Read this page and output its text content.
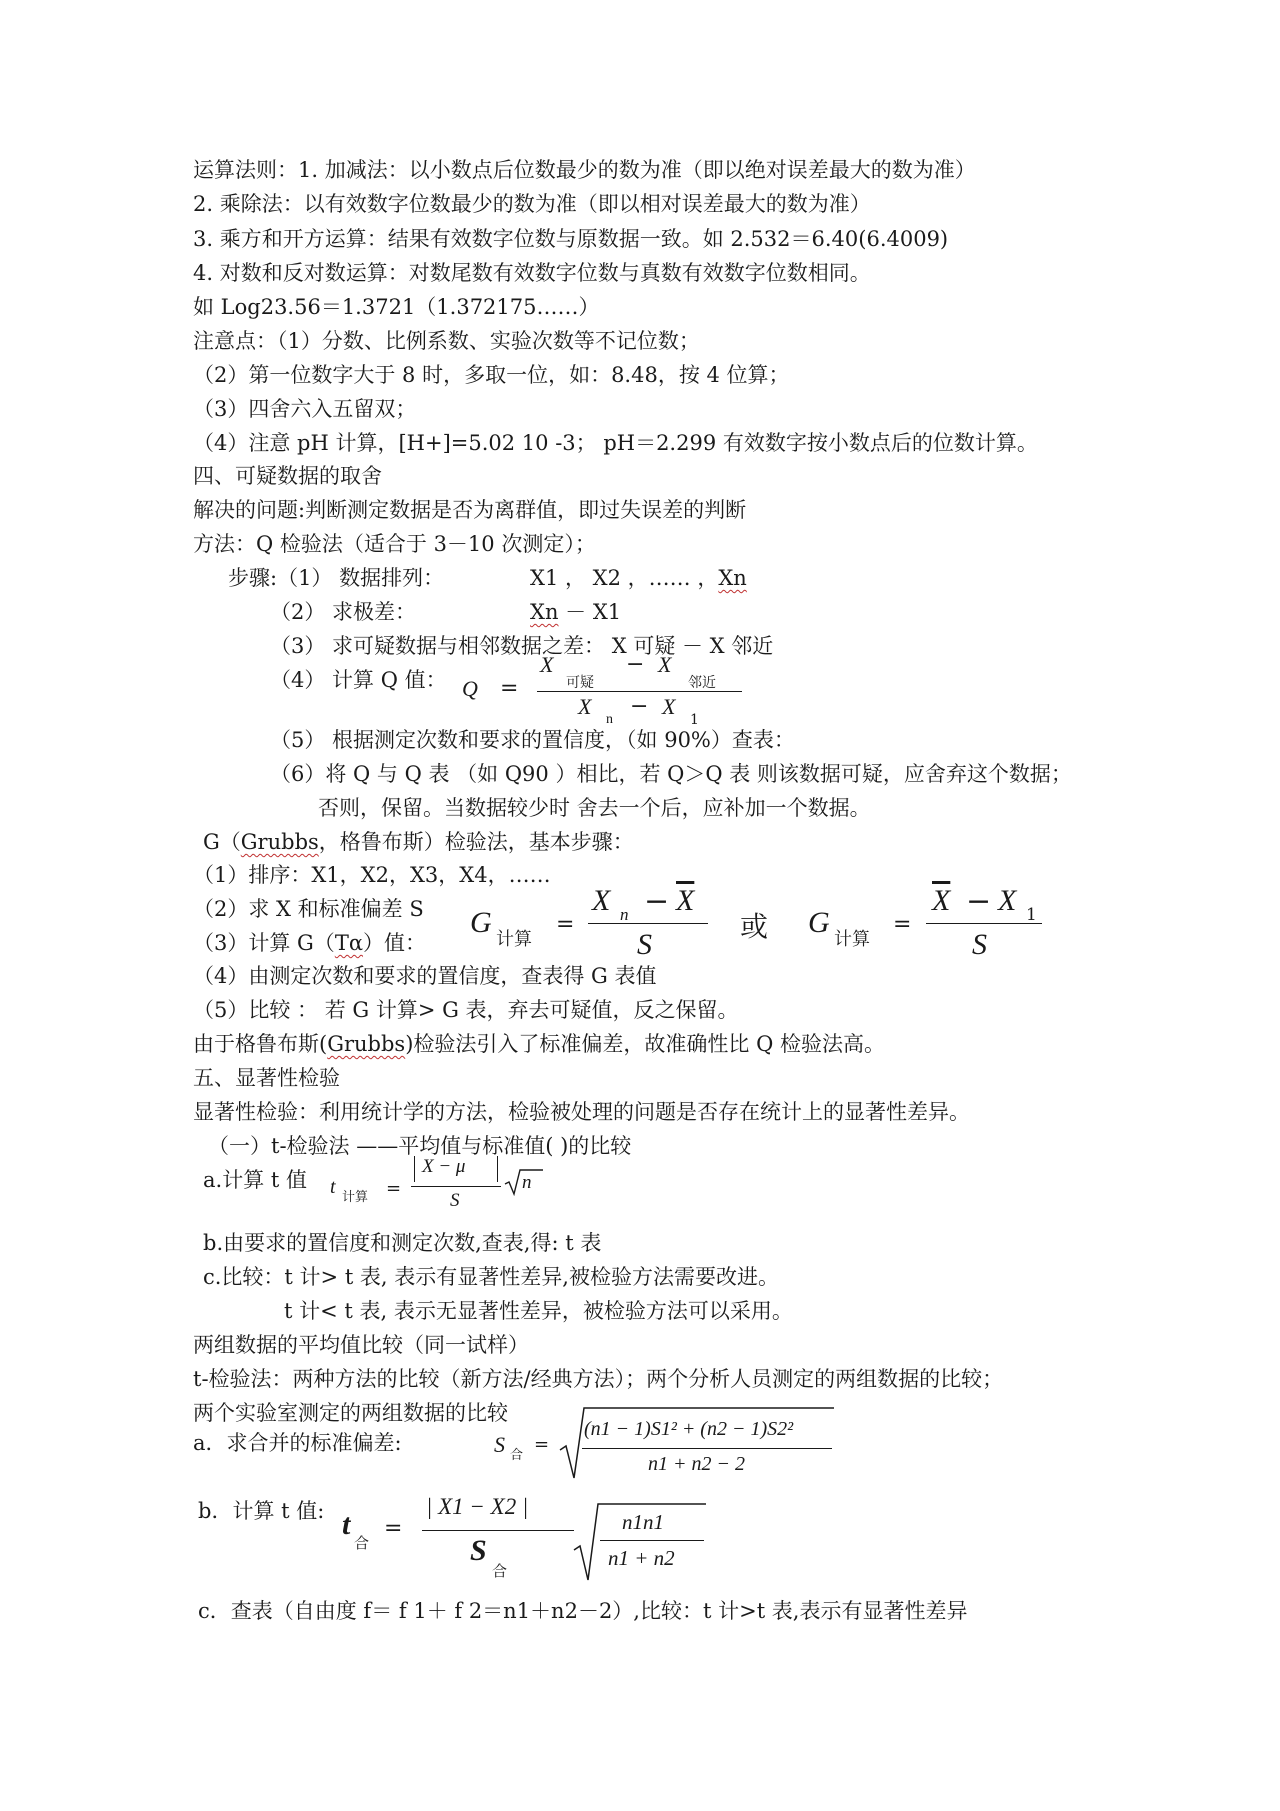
运算法则：1. 加减法：以小数点后位数最少的数为准（即以绝对误差最大的数为准）
2. 乘除法：以有效数字位数最少的数为准（即以相对误差最大的数为准）
3. 乘方和开方运算：结果有效数字位数与原数据一致。如 2.532＝6.40(6.4009)
4. 对数和反对数运算：对数尾数有效数字位数与真数有效数字位数相同。
如 Log23.56＝1.3721（1.372175……）
注意点：（1）分数、比例系数、实验次数等不记位数；
（2）第一位数字大于 8 时，多取一位，如：8.48，按 4 位算；
（3）四舍六入五留双；
（4）注意 pH 计算，[H+]=5.02 10 -3； pH＝2.299 有效数字按小数点后的位数计算。
四、可疑数据的取舍
解决的问题:判断测定数据是否为离群值，即过失误差的判断
方法：Q 检验法（适合于 3－10 次测定）；
步骤:（1） 数据排列：	X1 ， X2 ，…… ，Xn
（2） 求极差：	Xn － X1
（3） 求可疑数据与相邻数据之差： X 可疑 － X 邻近
（4） 计算 Q 值： Q =
X
可疑
− X
邻近
X
n
− X
1
（5） 根据测定次数和要求的置信度，（如 90%）查表：
（6）将 Q 与 Q 表 （如 Q90 ）相比，若 Q＞Q 表 则该数据可疑，应舍弃这个数据；
否则，保留。当数据较少时 舍去一个后，应补加一个数据。
G（Grubbs，格鲁布斯）检验法，基本步骤：
（1）排序：X1，X2，X3，X4，……
（2）求 X 和标准偏差 S
（3）计算 G（Tα）值：
G
计算
=
X $n - \overline{X}$
S
或 G
计算
=
$\overline{X} - X$ 1
S
（4）由测定次数和要求的置信度，查表得 G 表值
（5）比较 ： 若 G 计算> G 表，弃去可疑值，反之保留。
由于格鲁布斯(Grubbs)检验法引入了标准偏差，故准确性比 Q 检验法高。
五、显著性检验
显著性检验：利用统计学的方法，检验被处理的问题是否存在统计上的显著性差异。
（一）t-检验法 ——平均值与标准值( )的比较
a.计算 t 值 t 计算 =
X − μ
S
n
b.由要求的置信度和测定次数,查表,得: t 表
c.比较：t 计> t 表, 表示有显著性差异,被检验方法需要改进。
t 计< t 表, 表示无显著性差异，被检验方法可以采用。
两组数据的平均值比较（同一试样）
t-检验法：两种方法的比较（新方法/经典方法）；两个分析人员测定的两组数据的比较；
两个实验室测定的两组数据的比较
a．求合并的标准偏差:	S 合
=
(n1 − 1)S1² + (n2 − 1)S2²
n1 + n2 − 2
b．计算 t 值: t
合
=
| X1 − X2 |
S
合
n1n1
n1 + n2
c．查表（自由度 f＝ f 1＋ f 2＝n1＋n2－2）,比较：t 计>t 表,表示有显著性差异
